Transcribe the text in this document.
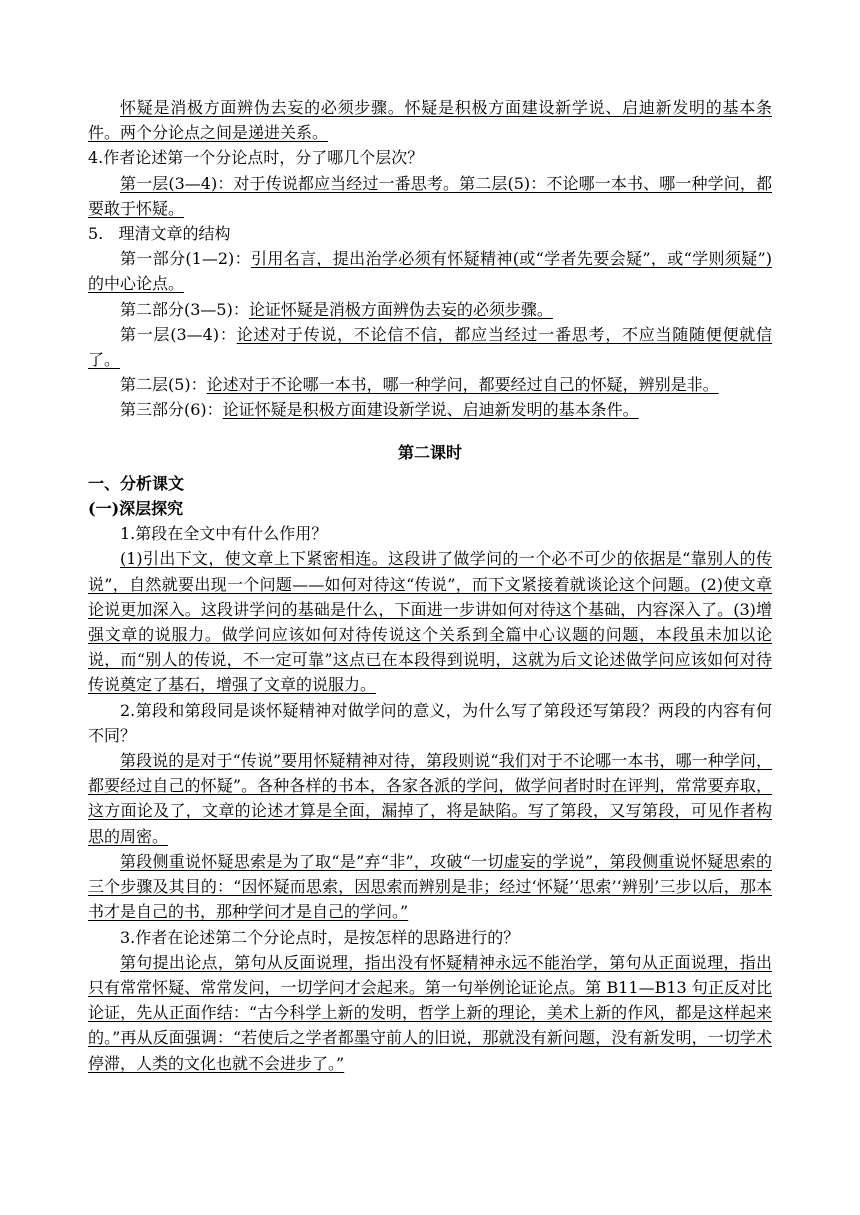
怀疑是消极方面辨伪去妄的必须步骤。怀疑是积极方面建设新学说、启迪新发明的基本条件。两个分论点之间是递进关系。

4.作者论述第一个分论点时，分了哪几个层次？

第一层(3—4)：对于传说都应当经过一番思考。第二层(5)：不论哪一本书、哪一种学问，都要敢于怀疑。

5.   理清文章的结构

第一部分(1—2)：引用名言，提出治学必须有怀疑精神(或“学者先要会疑”，或“学则须疑”)的中心论点。

第二部分(3—5)：论证怀疑是消极方面辨伪去妄的必须步骤。

第一层(3—4)：论述对于传说，不论信不信，都应当经过一番思考，不应当随随便便就信了。

第二层(5)：论述对于不论哪一本书，哪一种学问，都要经过自己的怀疑，辨别是非。

第三部分(6)：论证怀疑是积极方面建设新学说、启迪新发明的基本条件。

第二课时

一、分析课文

(一)深层探究

1.第段在全文中有什么作用？

(1)引出下文，使文章上下紧密相连。这段讲了做学问的一个必不可少的依据是“靠别人的传说”，自然就要出现一个问题——如何对待这“传说”，而下文紧接着就谈论这个问题。(2)使文章论说更加深入。这段讲学问的基础是什么，下面进一步讲如何对待这个基础，内容深入了。(3)增强文章的说服力。做学问应该如何对待传说这个关系到全篇中心议题的问题，本段虽未加以论说，而“别人的传说，不一定可靠”这点已在本段得到说明，这就为后文论述做学问应该如何对待传说奠定了基石，增强了文章的说服力。

2.第段和第段同是谈怀疑精神对做学问的意义，为什么写了第段还写第段？两段的内容有何不同？

第段说的是对于“传说”要用怀疑精神对待，第段则说“我们对于不论哪一本书，哪一种学问，都要经过自己的怀疑”。各种各样的书本，各家各派的学问，做学问者时时在评判，常常要弃取，这方面论及了，文章的论述才算是全面，漏掉了，将是缺陷。写了第段，又写第段，可见作者构思的周密。

第段侧重说怀疑思索是为了取“是”弃“非”，攻破“一切虚妄的学说”，第段侧重说怀疑思索的三个步骤及其目的：“因怀疑而思索，因思索而辨别是非；经过‘怀疑’‘思索’‘辨别’三步以后，那本书才是自己的书，那种学问才是自己的学问。”

3.作者在论述第二个分论点时，是按怎样的思路进行的？

第句提出论点，第句从反面说理，指出没有怀疑精神永远不能治学，第句从正面说理，指出只有常常怀疑、常常发问，一切学问才会起来。第一句举例论证论点。第 B11—B13 句正反对比论证，先从正面作结：“古今科学上新的发明，哲学上新的理论，美术上新的作风，都是这样起来的。”再从反面强调：“若使后之学者都墨守前人的旧说，那就没有新问题，没有新发明，一切学术停滞，人类的文化也就不会进步了。”
